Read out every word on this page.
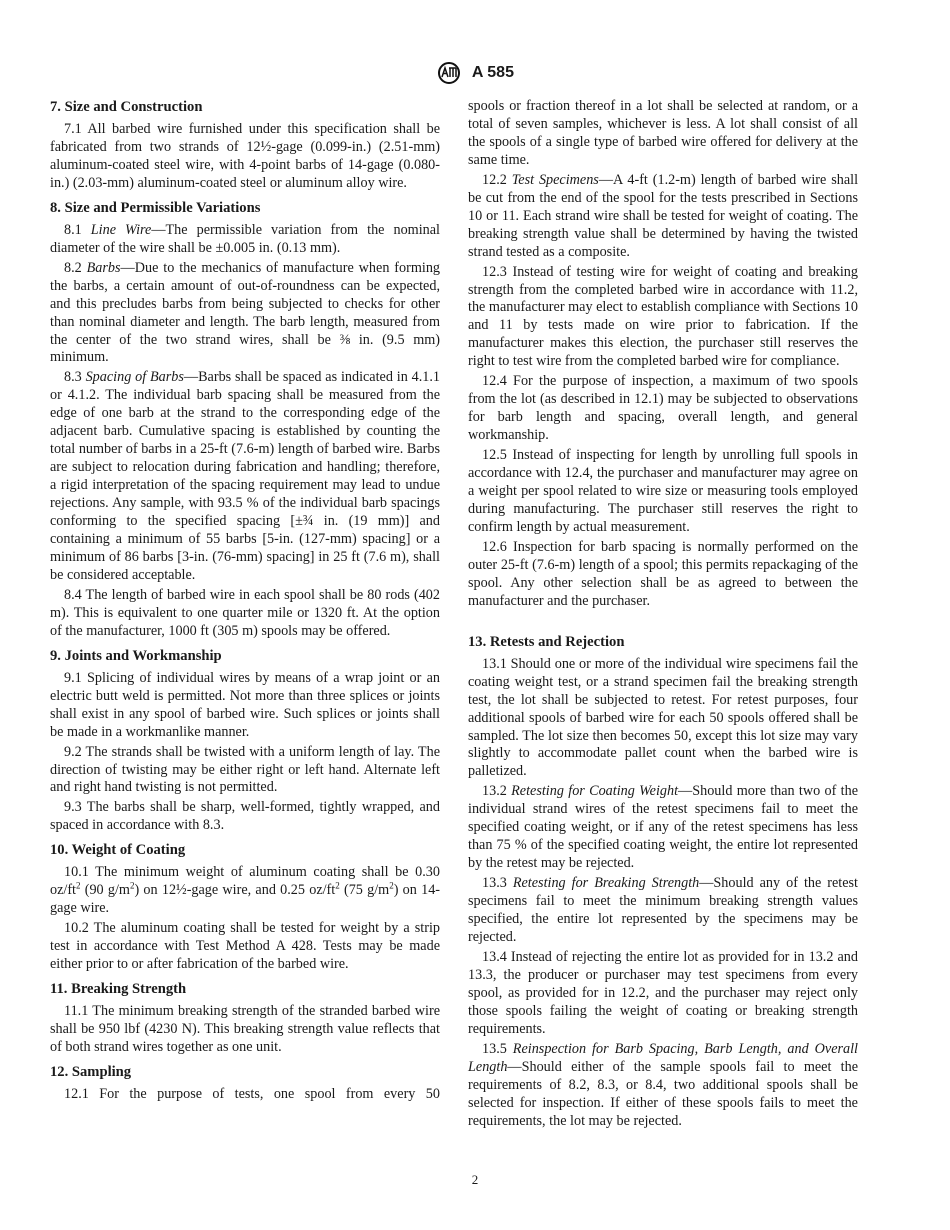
A 585
7. Size and Construction

7.1 All barbed wire furnished under this specification shall be fabricated from two strands of 12½-gage (0.099-in.) (2.51-mm) aluminum-coated steel wire, with 4-point barbs of 14-gage (0.080-in.) (2.03-mm) aluminum-coated steel or aluminum alloy wire.

8. Size and Permissible Variations

8.1 Line Wire—The permissible variation from the nominal diameter of the wire shall be ±0.005 in. (0.13 mm).

8.2 Barbs—Due to the mechanics of manufacture when forming the barbs, a certain amount of out-of-roundness can be expected, and this precludes barbs from being subjected to checks for other than nominal diameter and length. The barb length, measured from the center of the two strand wires, shall be ⅜ in. (9.5 mm) minimum.

8.3 Spacing of Barbs—Barbs shall be spaced as indicated in 4.1.1 or 4.1.2. The individual barb spacing shall be measured from the edge of one barb at the strand to the corresponding edge of the adjacent barb. Cumulative spacing is established by counting the total number of barbs in a 25-ft (7.6-m) length of barbed wire. Barbs are subject to relocation during fabrication and handling; therefore, a rigid interpretation of the spacing requirement may lead to undue rejections. Any sample, with 93.5 % of the individual barb spacings conforming to the specified spacing [±¾ in. (19 mm)] and containing a minimum of 55 barbs [5-in. (127-mm) spacing] or a minimum of 86 barbs [3-in. (76-mm) spacing] in 25 ft (7.6 m), shall be considered acceptable.

8.4 The length of barbed wire in each spool shall be 80 rods (402 m). This is equivalent to one quarter mile or 1320 ft. At the option of the manufacturer, 1000 ft (305 m) spools may be offered.

9. Joints and Workmanship

9.1 Splicing of individual wires by means of a wrap joint or an electric butt weld is permitted. Not more than three splices or joints shall exist in any spool of barbed wire. Such splices or joints shall be made in a workmanlike manner.

9.2 The strands shall be twisted with a uniform length of lay. The direction of twisting may be either right or left hand. Alternate left and right hand twisting is not permitted.

9.3 The barbs shall be sharp, well-formed, tightly wrapped, and spaced in accordance with 8.3.

10. Weight of Coating

10.1 The minimum weight of aluminum coating shall be 0.30 $oz/ft^2$ (90 $g/m^2$) on 12½-gage wire, and 0.25 $oz/ft^2$ (75 $g/m^2$) on 14-gage wire.

10.2 The aluminum coating shall be tested for weight by a strip test in accordance with Test Method A 428. Tests may be made either prior to or after fabrication of the barbed wire.

11. Breaking Strength

11.1 The minimum breaking strength of the stranded barbed wire shall be 950 lbf (4230 N). This breaking strength value reflects that of both strand wires together as one unit.

12. Sampling

12.1 For the purpose of tests, one spool from every 50

spools or fraction thereof in a lot shall be selected at random, or a total of seven samples, whichever is less. A lot shall consist of all the spools of a single type of barbed wire offered for delivery at the same time.

12.2 Test Specimens—A 4-ft (1.2-m) length of barbed wire shall be cut from the end of the spool for the tests prescribed in Sections 10 or 11. Each strand wire shall be tested for weight of coating. The breaking strength value shall be determined by having the twisted strand tested as a composite.

12.3 Instead of testing wire for weight of coating and breaking strength from the completed barbed wire in accordance with 11.2, the manufacturer may elect to establish compliance with Sections 10 and 11 by tests made on wire prior to fabrication. If the manufacturer makes this election, the purchaser still reserves the right to test wire from the completed barbed wire for compliance.

12.4 For the purpose of inspection, a maximum of two spools from the lot (as described in 12.1) may be subjected to observations for barb length and spacing, overall length, and general workmanship.

12.5 Instead of inspecting for length by unrolling full spools in accordance with 12.4, the purchaser and manufacturer may agree on a weight per spool related to wire size or measuring tools employed during manufacturing. The purchaser still reserves the right to confirm length by actual measurement.

12.6 Inspection for barb spacing is normally performed on the outer 25-ft (7.6-m) length of a spool; this permits repackaging of the spool. Any other selection shall be as agreed to between the manufacturer and the purchaser.

13. Retests and Rejection

13.1 Should one or more of the individual wire specimens fail the coating weight test, or a strand specimen fail the breaking strength test, the lot shall be subjected to retest. For retest purposes, four additional spools of barbed wire for each 50 spools offered shall be sampled. The lot size then becomes 50, except this lot size may vary slightly to accommodate pallet count when the barbed wire is palletized.

13.2 Retesting for Coating Weight—Should more than two of the individual strand wires of the retest specimens fail to meet the specified coating weight, or if any of the retest specimens has less than 75 % of the specified coating weight, the entire lot represented by the retest may be rejected.

13.3 Retesting for Breaking Strength—Should any of the retest specimens fail to meet the minimum breaking strength values specified, the entire lot represented by the specimens may be rejected.

13.4 Instead of rejecting the entire lot as provided for in 13.2 and 13.3, the producer or purchaser may test specimens from every spool, as provided for in 12.2, and the purchaser may reject only those spools failing the weight of coating or breaking strength requirements.

13.5 Reinspection for Barb Spacing, Barb Length, and Overall Length—Should either of the sample spools fail to meet the requirements of 8.2, 8.3, or 8.4, two additional spools shall be selected for inspection. If either of these spools fails to meet the requirements, the lot may be rejected.

2
